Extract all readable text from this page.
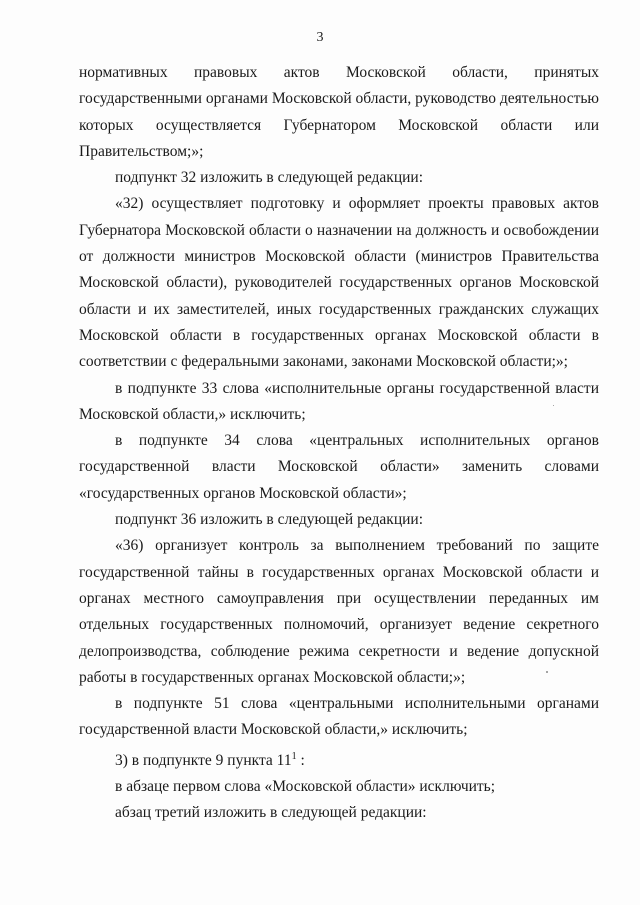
3

нормативных правовых актов Московской области, принятых государственными органами Московской области, руководство деятельностью которых осуществляется Губернатором Московской области или Правительством;»;

подпункт 32 изложить в следующей редакции:

«32) осуществляет подготовку и оформляет проекты правовых актов Губернатора Московской области о назначении на должность и освобождении от должности министров Московской области (министров Правительства Московской области), руководителей государственных органов Московской области и их заместителей, иных государственных гражданских служащих Московской области в государственных органах Московской области в соответствии с федеральными законами, законами Московской области;»;

в подпункте 33 слова «исполнительные органы государственной власти Московской области,» исключить;

в подпункте 34 слова «центральных исполнительных органов государственной власти Московской области» заменить словами «государственных органов Московской области»;

подпункт 36 изложить в следующей редакции:

«36) организует контроль за выполнением требований по защите государственной тайны в государственных органах Московской области и органах местного самоуправления при осуществлении переданных им отдельных государственных полномочий, организует ведение секретного делопроизводства, соблюдение режима секретности и ведение допускной работы в государственных органах Московской области;»;

в подпункте 51 слова «центральными исполнительными органами государственной власти Московской области,» исключить;

3) в подпункте 9 пункта $11^1$ :

в абзаце первом слова «Московской области» исключить;

абзац третий изложить в следующей редакции:
